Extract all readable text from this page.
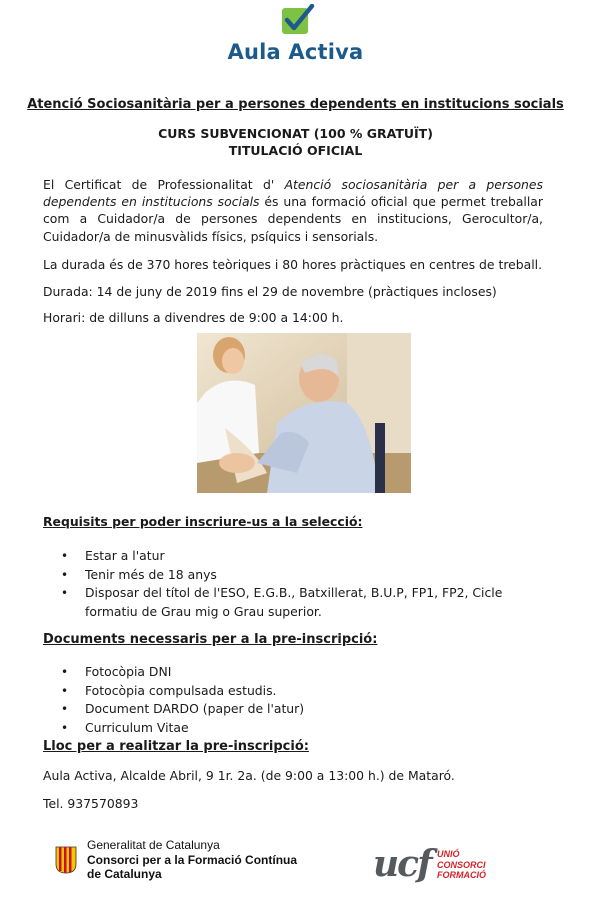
Aula Activa
Atenció Sociosanitària per a persones dependents en institucions socials
CURS SUBVENCIONAT (100 % GRATUÏT)
TITULACIÓ OFICIAL
El Certificat de Professionalitat d' Atenció sociosanitària per a persones dependents en institucions socials és una formació oficial que permet treballar com a Cuidador/a de persones dependents en institucions, Gerocultor/a, Cuidador/a de minusvàlids físics, psíquics i sensorials.
La durada és de 370 hores teòriques i 80 hores pràctiques en centres de treball.
Durada: 14 de juny de 2019 fins el 29 de novembre (pràctiques incloses)
Horari: de dilluns a divendres de 9:00 a 14:00 h.
Requisits per poder inscriure-us a la selecció:
• Estar a l'atur
• Tenir més de 18 anys
• Disposar del títol de l'ESO, E.G.B., Batxillerat, B.U.P, FP1, FP2, Cicle
formatiu de Grau mig o Grau superior.
Documents necessaris per a la pre-inscripció:
• Fotocòpia DNI
• Fotocòpia compulsada estudis.
• Document DARDO (paper de l'atur)
• Curriculum Vitae
Lloc per a realitzar la pre-inscripció:
Aula Activa, Alcalde Abril, 9 1r. 2a. (de 9:00 a 13:00 h.) de Mataró.
Tel. 937570893
Generalitat de Catalunya
Consorci per a la Formació Contínua
de Catalunya	ucf UNIÓ
CONSORCI
FORMACIÓ
